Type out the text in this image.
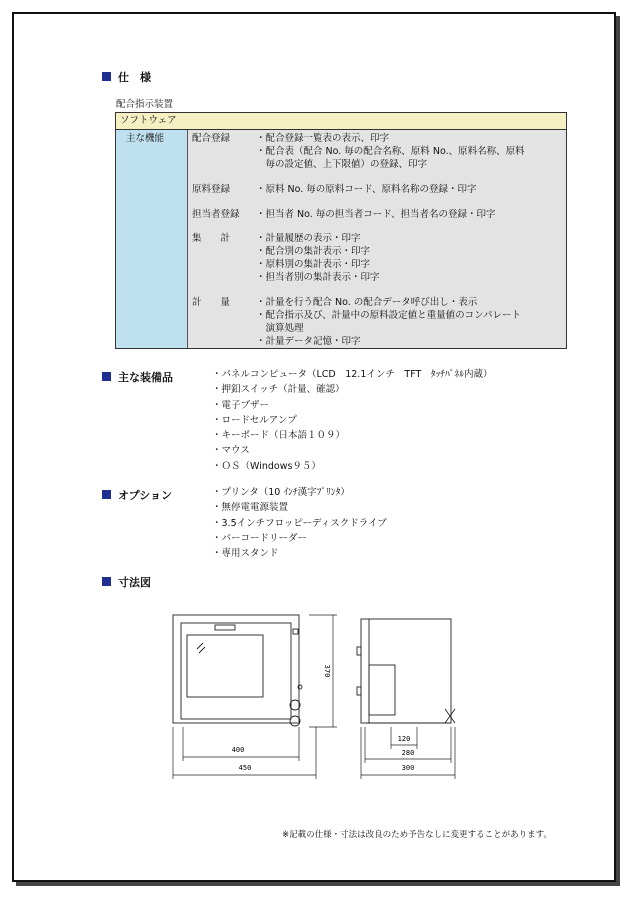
仕　様
配合指示装置
ソフトウェア
主な機能	配合登録	・配合登録一覧表の表示、印字
・配合表（配合 No. 毎の配合名称、原料 No.、原料名称、原料
　毎の設定値、上下限値）の登録、印字
原料登録	・原料 No. 毎の原料コード、原料名称の登録・印字
担当者登録 ・担当者 No. 毎の担当者コード、担当者名の登録・印字
集　　計	・計量履歴の表示・印字
・配合別の集計表示・印字
・原料別の集計表示・印字
・担当者別の集計表示・印字
計　　量	・計量を行う配合 No. の配合データ呼び出し・表示
・配合指示及び、計量中の原料設定値と重量値のコンパレート
　演算処理
・計量データ記憶・印字
主な装備品	・パネルコンピュータ（LCD　12.1インチ　TFT　ﾀｯﾁﾊﾟﾈﾙ内蔵）
・押釦スイッチ（計量、確認）
・電子ブザー
・ロードセルアンプ
・キーボード（日本語１０９）
・マウス
・ＯＳ（Windows９５）
オプション	・プリンタ（10 ｲﾝﾁ漢字ﾌﾟﾘﾝﾀ）
・無停電電源装置
・3.5インチフロッピーディスクドライブ
・バーコードリーダー
・専用スタンド
寸法図
400
450
370
120
280
300
※記載の仕様・寸法は改良のため予告なしに変更することがあります。
